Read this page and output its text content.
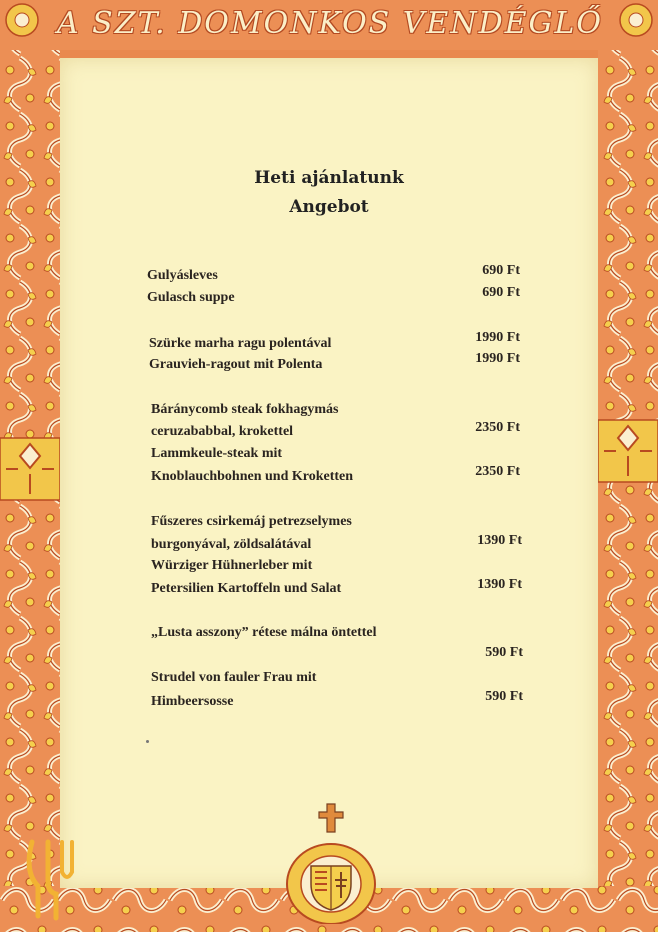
A SZT. DOMONKOS VENDÉGLŐ
Heti ajánlatunk
Angebot
Gulyásleves	690 Ft
Gulasch suppe	690 Ft
Szürke marha ragu polentával	1990 Ft
Grauvieh-ragout mit Polenta	1990 Ft
Báránycomb steak fokhagymás
ceruzababbal, krokettel	2350 Ft
Lammkeule-steak mit
Knoblauchbohnen und Kroketten	2350 Ft
Fűszeres csirkemáj petrezselymes
burgonyával, zöldsalátával	1390 Ft
Würziger Hühnerleber mit
Petersilien Kartoffeln und Salat	1390 Ft
„Lusta asszony” rétese málna öntettel
590 Ft
Strudel von fauler Frau mit
Himbeersosse	590 Ft
